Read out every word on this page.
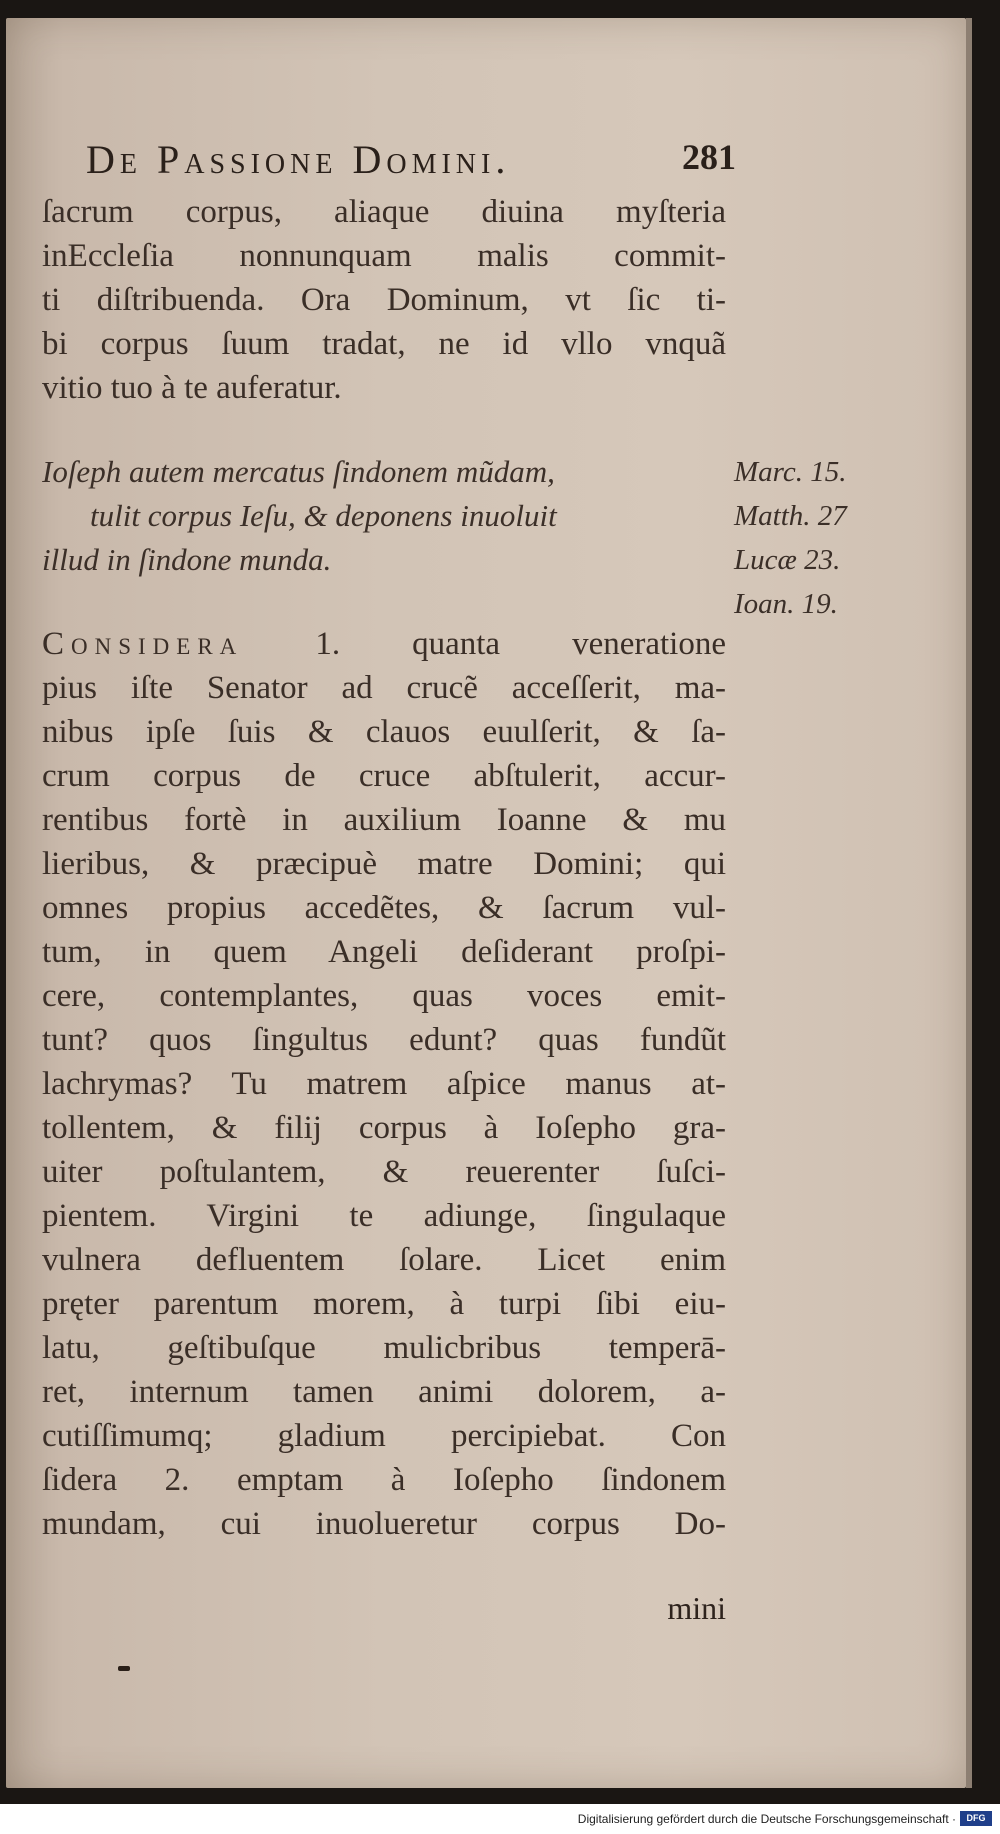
De Passione Domini.	281
ſacrum corpus, aliaque diuina myſteria
inEccleſia nonnunquam malis commit-
ti diſtribuenda. Ora Dominum, vt ſic ti-
bi corpus ſuum tradat, ne id vllo vnquã
vitio tuo à te auferatur.
Ioſeph autem mercatus ſindonem mũdam,
tulit corpus Ieſu, & deponens inuoluit
illud in ſindone munda.
Marc. 15.
Matth. 27
Lucæ 23.
Ioan. 19.
Considera 1. quanta veneratione
pius iſte Senator ad crucẽ acceſſerit, ma-
nibus ipſe ſuis & clauos euulſerit, & ſa-
crum corpus de cruce abſtulerit, accur-
rentibus fortè in auxilium Ioanne & mu
lieribus, & præcipuè matre Domini; qui
omnes propius accedẽtes, & ſacrum vul-
tum, in quem Angeli deſiderant proſpi-
cere, contemplantes, quas voces emit-
tunt? quos ſingultus edunt? quas fundũt
lachrymas? Tu matrem aſpice manus at-
tollentem, & filij corpus à Ioſepho gra-
uiter poſtulantem, & reuerenter ſuſci-
pientem. Virgini te adiunge, ſingulaque
vulnera defluentem ſolare. Licet enim
pręter parentum morem, à turpi ſibi eiu-
latu, geſtibuſque mulicbribus temperā-
ret, internum tamen animi dolorem, a-
cutiſſimumq; gladium percipiebat. Con
ſidera 2. emptam à Ioſepho ſindonem
mundam, cui inuolueretur corpus Do-
mini
Digitalisierung gefördert durch die Deutsche Forschungsgemeinschaft ·	DFG
